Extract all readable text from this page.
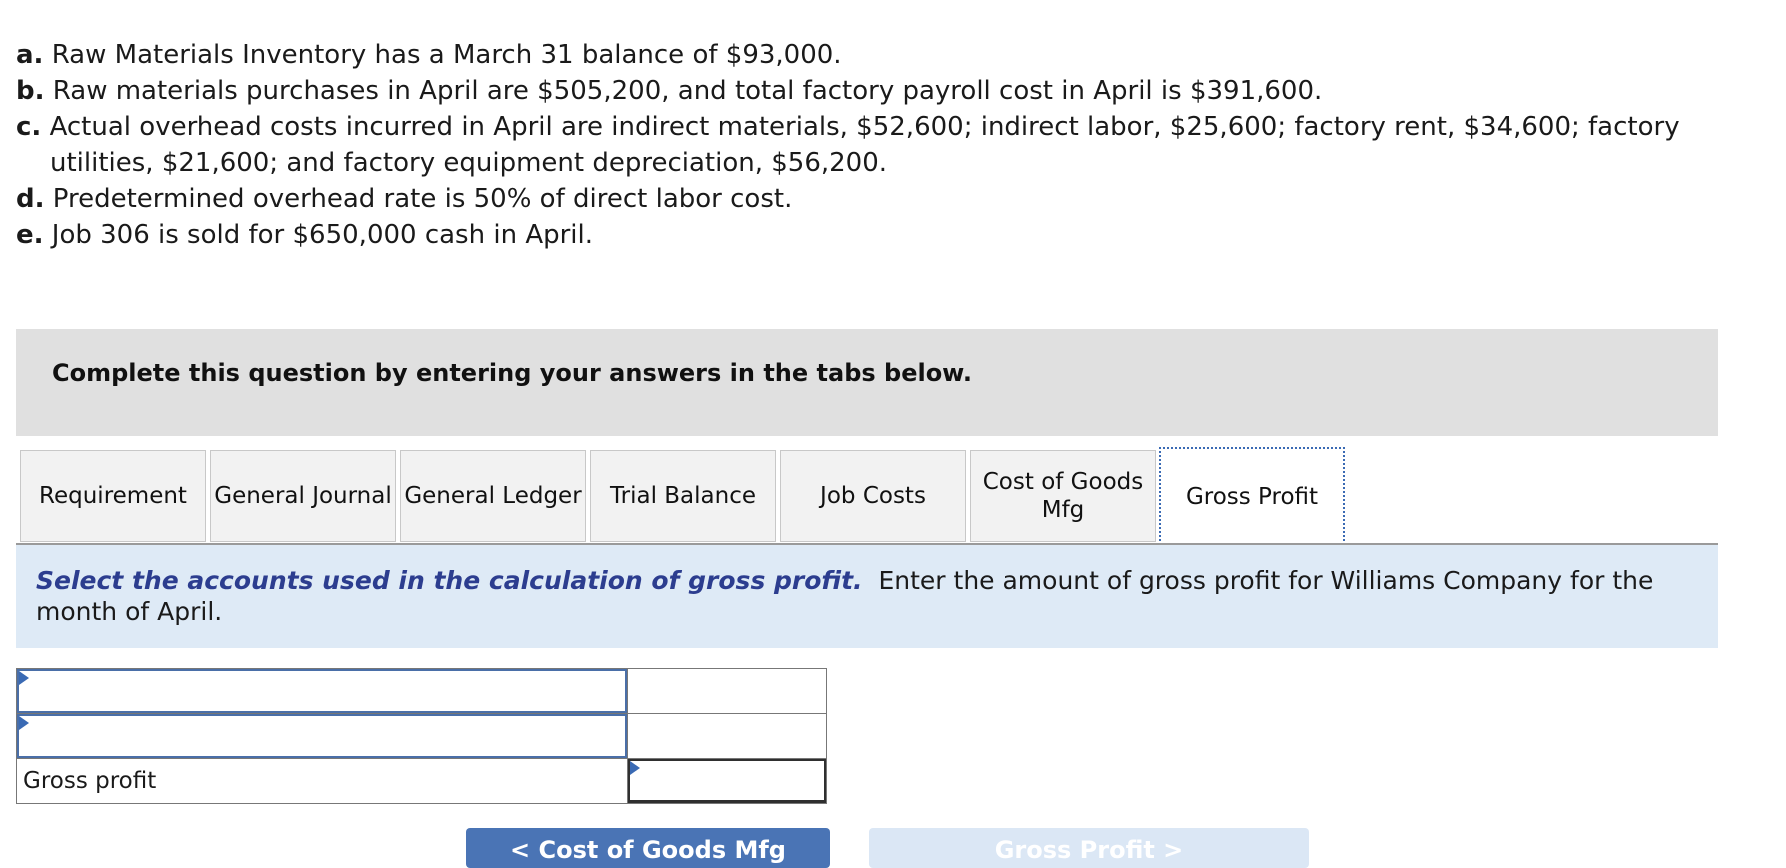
a. Raw Materials Inventory has a March 31 balance of $93,000.
b. Raw materials purchases in April are $505,200, and total factory payroll cost in April is $391,600.
c. Actual overhead costs incurred in April are indirect materials, $52,600; indirect labor, $25,600; factory rent, $34,600; factory
utilities, $21,600; and factory equipment depreciation, $56,200.
d. Predetermined overhead rate is 50% of direct labor cost.
e. Job 306 is sold for $650,000 cash in April.
Complete this question by entering your answers in the tabs below.
Requirement General Journal General Ledger Trial Balance	Job Costs
Cost of Goods Mfg	Gross Profit
Select the accounts used in the calculation of gross profit. Enter the amount of gross profit for Williams Company for the month of April.

Gross profit	
< Cost of Goods Mfg	Gross Profit >
